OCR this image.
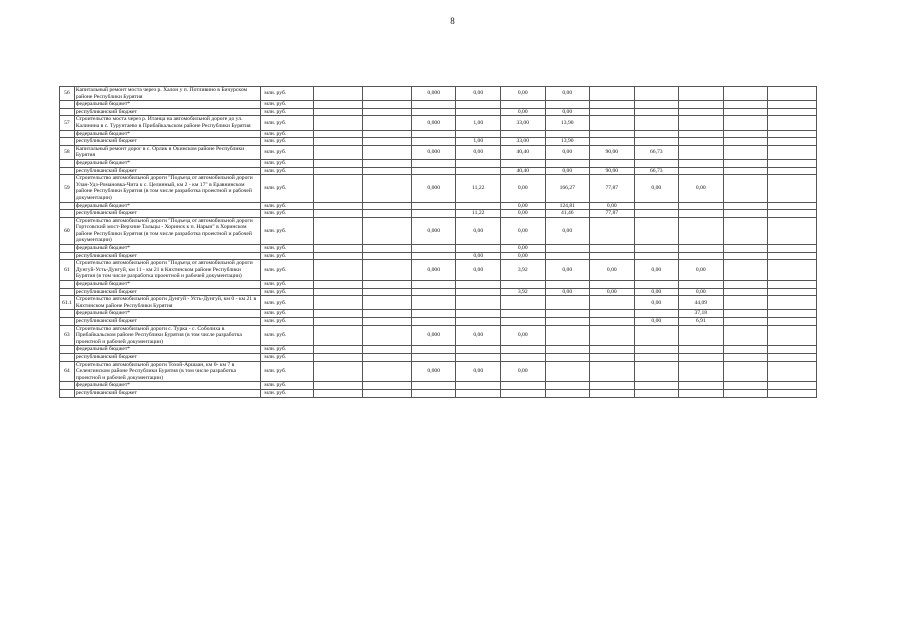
8
56	Капитальный ремонт моста через р. Халон у п. Потливино в Бичурском районе Республики Бурятия	млн. руб.			0,000	0,00	0,00	0,00					
	федеральный бюджет*	млн. руб.											
	республиканский бюджет	млн. руб.					0,00	0,00					
57	Строительство моста через р. Итанца на автомобильной дороге до ул. Калинина в с. Турунтаево в Прибайкальском районе Республики Бурятия	млн. руб.			0,000	1,00	33,00	13,90					
	федеральный бюджет*	млн. руб.											
	республиканский бюджет	млн. руб.				1,00	33,00	13,90					
58	Капитальный ремонт дорог в с. Орлик в Окинском районе Республики Бурятия	млн. руб.			0,000	0,00	40,40	0,00	90,00	66,73			
	федеральный бюджет*	млн. руб.											
	республиканский бюджет	млн. руб.					40,40	0,00	90,00	66,73			
59	Строительство автомобильной дороги "Подъезд от автомобильной дороги Улан-Удэ-Романовка-Чита к с. Целинный, км 2 - км 17" в Еравнинском районе Республики Бурятия (в том числе разработка проектной и рабочей документации)	млн. руб.			0,000	11,22	0,00	166,27	77,87	0,00	0,00		
	федеральный бюджет*	млн. руб.					0,00	124,81	0,00				
	республиканский бюджет	млн. руб.				11,22	0,00	41,46	77,87				
60	Строительство автомобильной дороги "Подъезд от автомобильной дороги Гортсовский мост-Верхние Тальцы - Хоринск к п. Нарын" в Хоринском районе Республики Бурятия (в том числе разработка проектной и рабочей документации)	млн. руб.			0,000	0,00	0,00	0,00					
	федеральный бюджет*	млн. руб.					0,00						
	республиканский бюджет	млн. руб.				0,00	0,00						
61	Строительство автомобильной дороги "Подъезд от автомобильной дороги Дунгуй-Усть-Дунгуй, км 11 - км 21 в Кяхтинском районе Республики Бурятия (в том числе разработка проектной и рабочей документации)	млн. руб.			0,000	0,00	3,92	0,00	0,00	0,00	0,00		
	федеральный бюджет*	млн. руб.											
	республиканский бюджет	млн. руб.					3,92	0,00	0,00	0,00	0,00		
61.1	Строительство автомобильной дороги Дунгуй - Усть-Дунгуй, км 0 - км 21 в Кяхтинском районе Республики Бурятия	млн. руб.								0,00	44,09		
	федеральный бюджет*	млн. руб.									37,18		
	республиканский бюджет	млн. руб.								0,00	6,91		
63	Строительство автомобильной дороги с. Турка - с. Соболиха в Прибайкальском районе Республики Бурятия (в том числе разработка проектной и рабочей документации)	млн. руб.			0,000	0,00	0,00						
	федеральный бюджет*	млн. руб.											
	республиканский бюджет	млн. руб.											
64	Строительство автомобильной дороги Тохой-Аршаан, км 0- км 7 в Селенгинском районе Республики Бурятия (в том числе разработка проектной и рабочей документации)	млн. руб.			0,000	0,00	0,00						
	федеральный бюджет*	млн. руб.											
	республиканский бюджет	млн. руб.											
